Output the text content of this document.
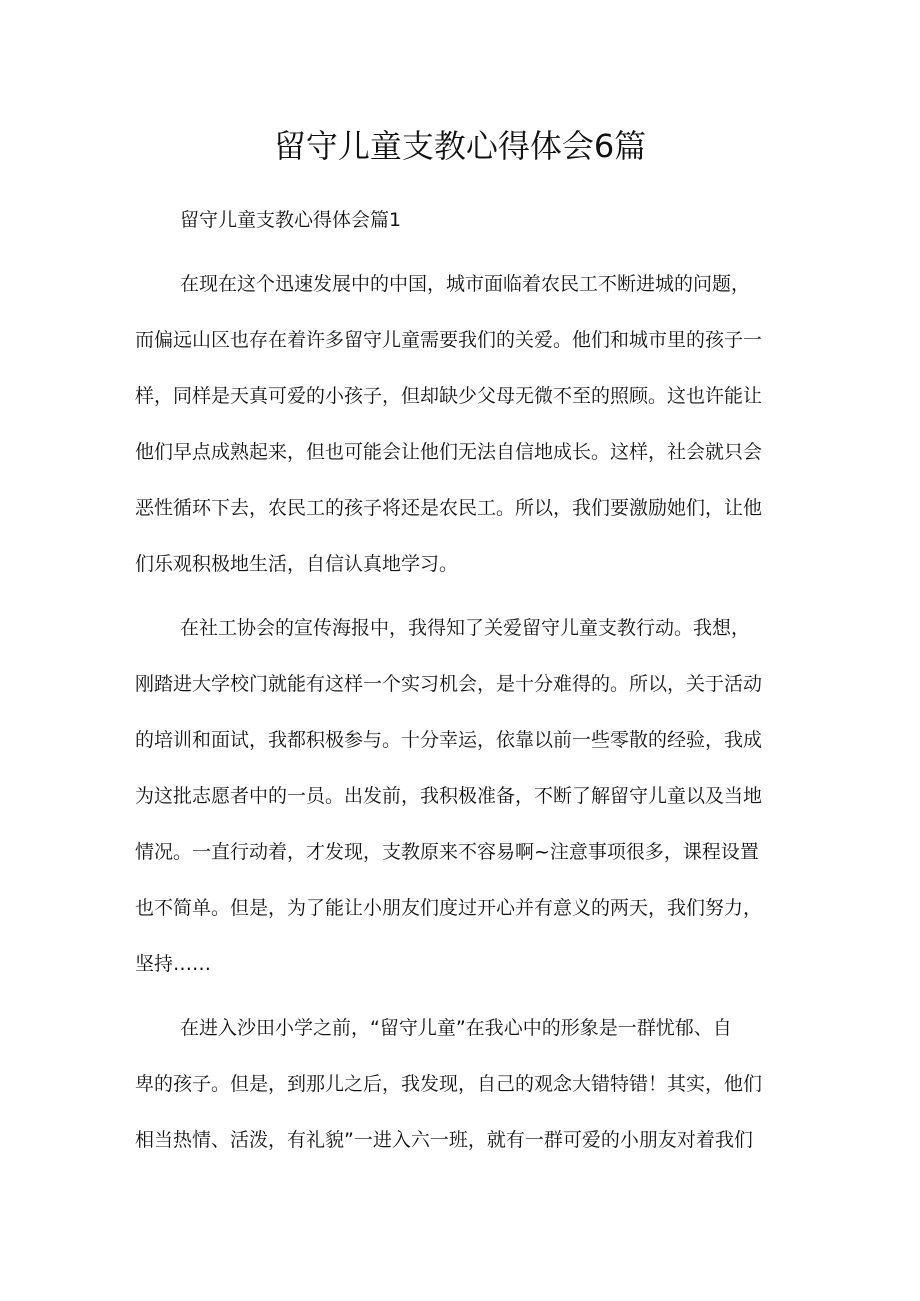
留守儿童支教心得体会6篇

留守儿童支教心得体会篇1

在现在这个迅速发展中的中国，城市面临着农民工不断进城的问题，
而偏远山区也存在着许多留守儿童需要我们的关爱。他们和城市里的孩子一
样，同样是天真可爱的小孩子，但却缺少父母无微不至的照顾。这也许能让
他们早点成熟起来，但也可能会让他们无法自信地成长。这样，社会就只会
恶性循环下去，农民工的孩子将还是农民工。所以，我们要激励她们，让他
们乐观积极地生活，自信认真地学习。
在社工协会的宣传海报中，我得知了关爱留守儿童支教行动。我想，
刚踏进大学校门就能有这样一个实习机会，是十分难得的。所以，关于活动
的培训和面试，我都积极参与。十分幸运，依靠以前一些零散的经验，我成
为这批志愿者中的一员。出发前，我积极准备，不断了解留守儿童以及当地
情况。一直行动着，才发现，支教原来不容易啊~注意事项很多，课程设置
也不简单。但是，为了能让小朋友们度过开心并有意义的两天，我们努力，
坚持……
在进入沙田小学之前，“留守儿童”在我心中的形象是一群忧郁、自
卑的孩子。但是，到那儿之后，我发现，自己的观念大错特错！其实，他们
相当热情、活泼，有礼貌”一进入六一班，就有一群可爱的小朋友对着我们
